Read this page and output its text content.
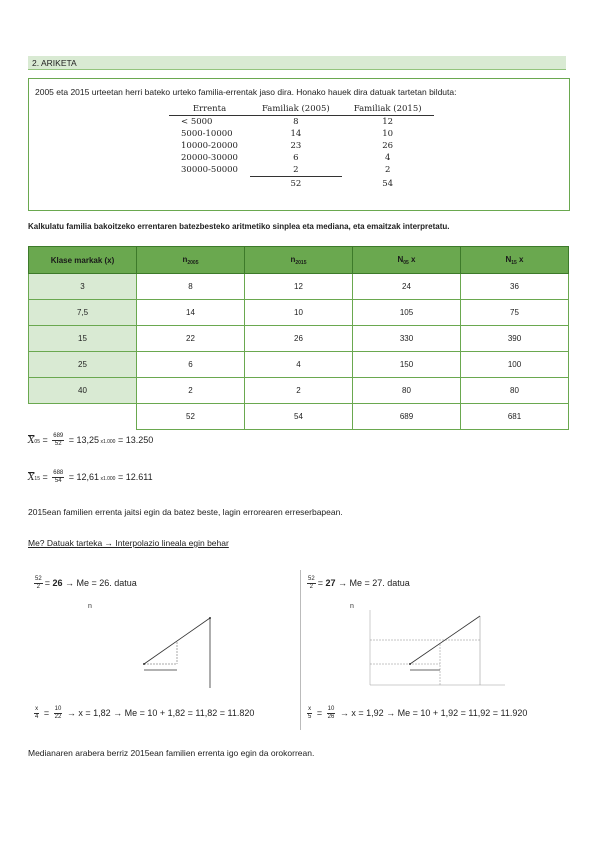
2. ARIKETA
2005 eta 2015 urteetan herri bateko urteko familia-errentak jaso dira. Honako hauek dira datuak tartetan bilduta:
Errenta	Familiak (2005)	Familiak (2015)
< 5000	8	12
5000-10000	14	10
10000-20000	23	26
20000-30000	6	4
30000-50000	2	2
	52	54
Kalkulatu familia bakoitzeko errentaren batezbesteko aritmetiko sinplea eta mediana, eta emaitzak interpretatu.
Klase markak (x)	$n_{2005}$	$n_{2015}$	$N_{05}$ x	$N_{15}$ x
3	8	12	24	36
7,5	14	10	105	75
15	22	26	330	390
25	6	4	150	100
40	2	2	80	80
	52	54	689	681
$\overline{X}05 = \frac{689}{52} = 13,25$ x1.000 = 13.250
$\overline{X}15 = \frac{688}{54} = 12,61$ x1.000 = 12.611
2015ean familien errenta jaitsi egin da batez beste, lagin errorearen erreserbapean.
Me? Datuak tarteka → Interpolazio lineala egin behar
$\frac{52}{2} = 26 \to Me = 26$. datua	$\frac{52}{2} = 27 \to Me = 27$. datua
n	n
$\frac{x}{4} = \frac{10}{22} \to x = 1,82 \to Me = 10 + 1,82 = 11,82 = 11.820$	$\frac{x}{5} = \frac{10}{26} \to x = 1,92 \to Me = 10 + 1,92 = 11,92 = 11.920$
Medianaren arabera berriz 2015ean familien errenta igo egin da orokorrean.
